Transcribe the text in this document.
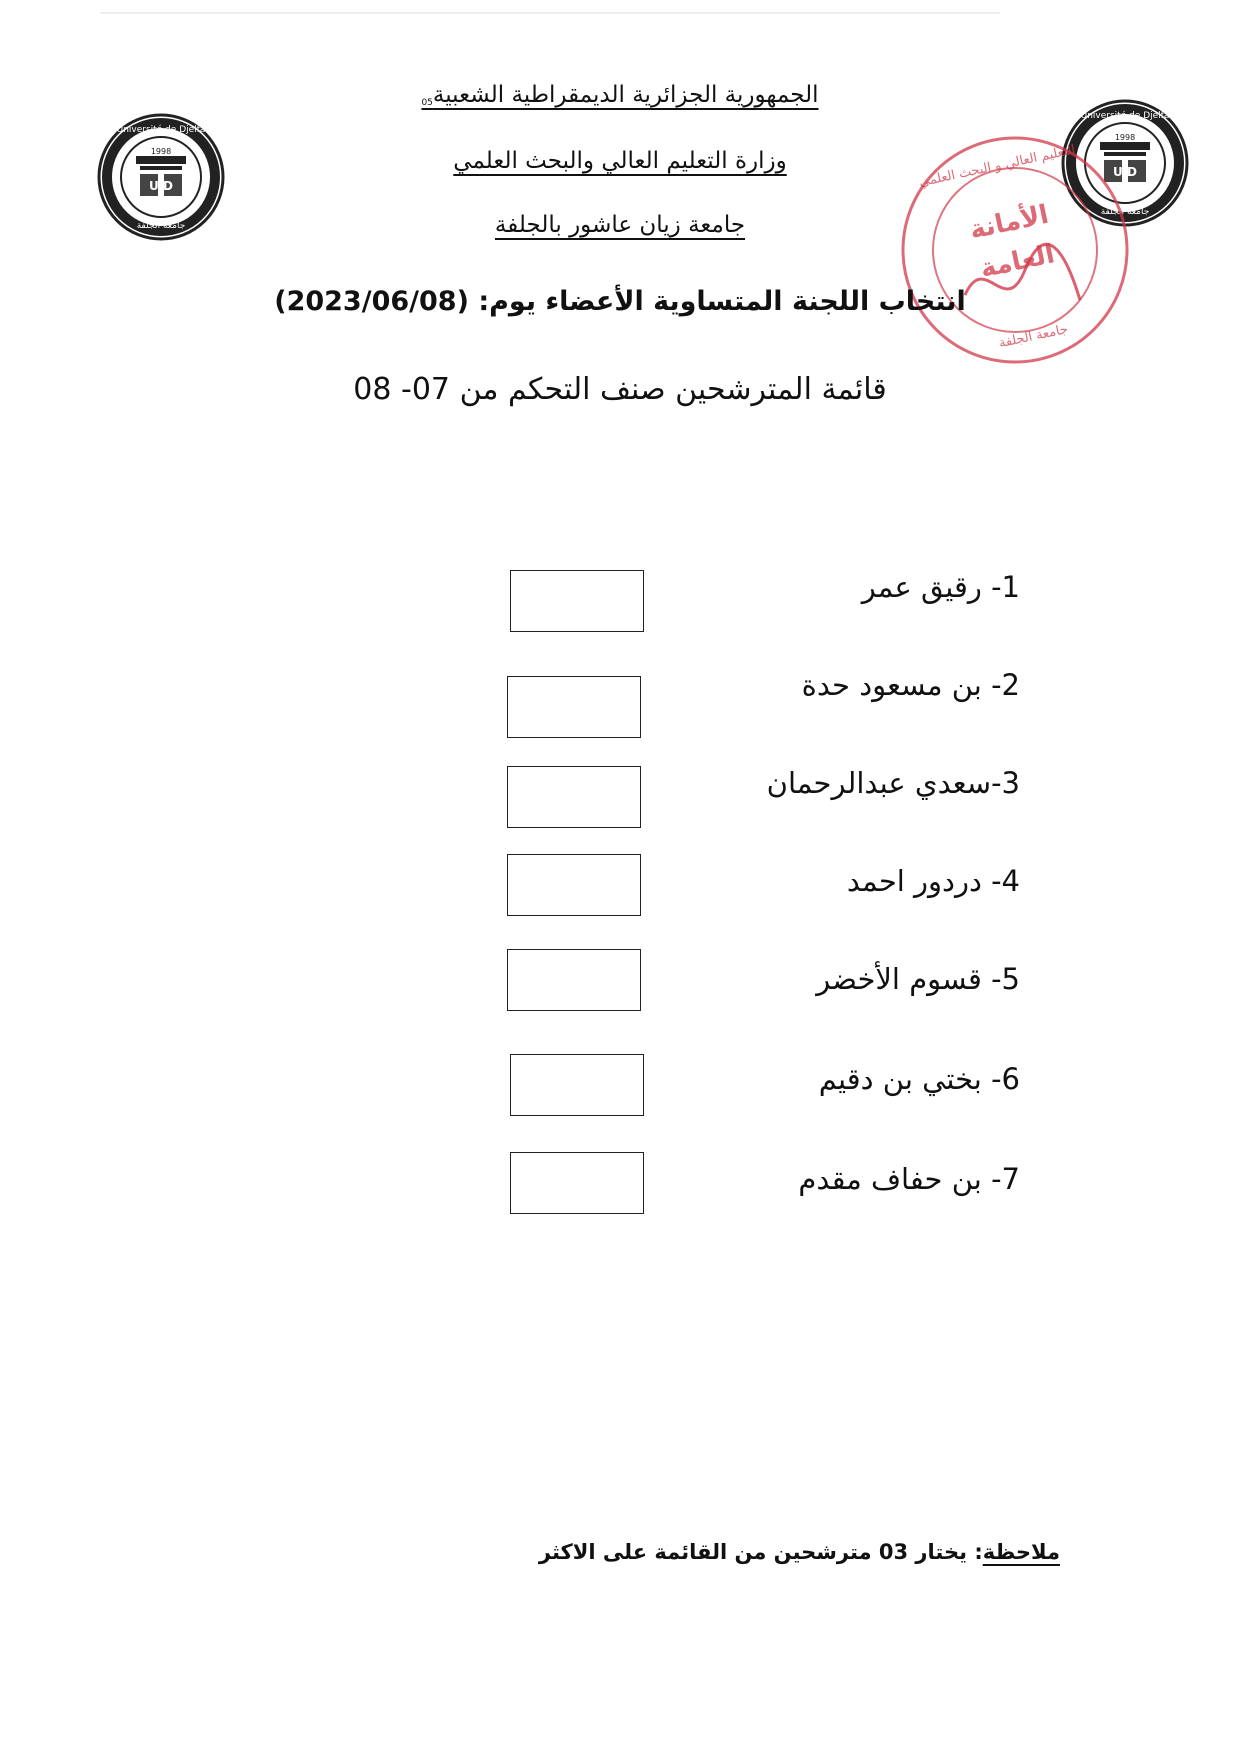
U D
1998
Université de Djelfa
جامعة الجلفة
U D
1998
Université de Djelfa
جامعة الجلفة
التعليم العالي و البحث العلمي
الأمانة
العامة
جامعة الجلفة
الجمهورية الجزائرية الديمقراطية الشعبية05
وزارة التعليم العالي والبحث العلمي
جامعة زيان عاشور بالجلفة
انتخاب اللجنة المتساوية الأعضاء يوم: (2023/06/08)
قائمة المترشحين صنف التحكم من 07- 08
1- رقيق عمر
2- بن مسعود حدة
3-سعدي عبدالرحمان
4- دردور احمد
5- قسوم الأخضر
6- بختي بن دقيم
7- بن حفاف مقدم
ملاحظة: يختار 03 مترشحين من القائمة على الاكثر
